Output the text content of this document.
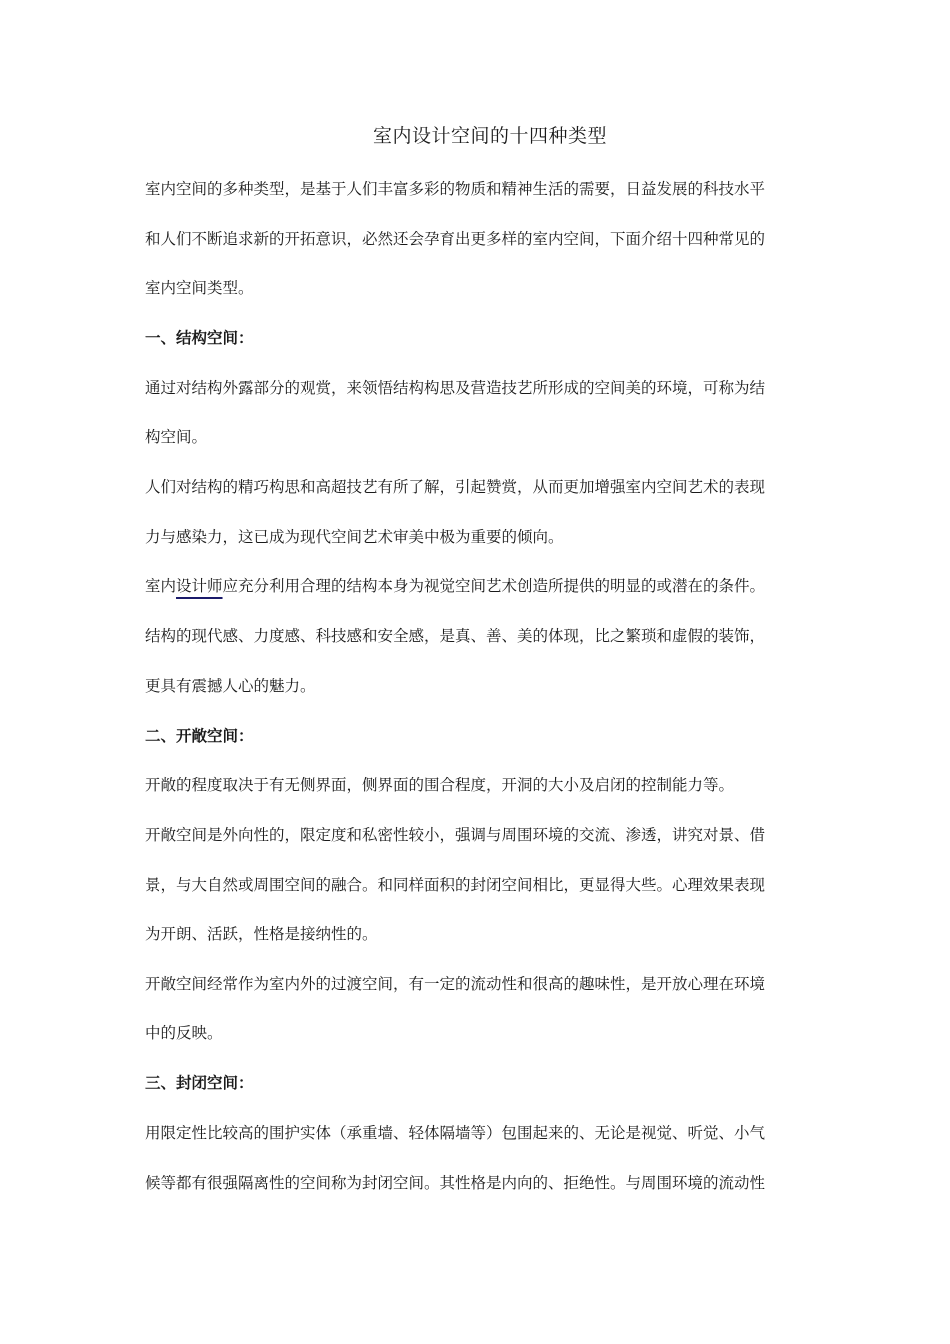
室内设计空间的十四种类型
室内空间的多种类型，是基于人们丰富多彩的物质和精神生活的需要，日益发展的科技水平
和人们不断追求新的开拓意识，必然还会孕育出更多样的室内空间，下面介绍十四种常见的
室内空间类型。
一、结构空间：
通过对结构外露部分的观赏，来领悟结构构思及营造技艺所形成的空间美的环境，可称为结
构空间。
人们对结构的精巧构思和高超技艺有所了解，引起赞赏，从而更加增强室内空间艺术的表现
力与感染力，这已成为现代空间艺术审美中极为重要的倾向。
室内设计师应充分利用合理的结构本身为视觉空间艺术创造所提供的明显的或潜在的条件。
结构的现代感、力度感、科技感和安全感，是真、善、美的体现，比之繁琐和虚假的装饰，
更具有震撼人心的魅力。
二、开敞空间：
开敞的程度取决于有无侧界面，侧界面的围合程度，开洞的大小及启闭的控制能力等。
开敞空间是外向性的，限定度和私密性较小，强调与周围环境的交流、渗透，讲究对景、借
景，与大自然或周围空间的融合。和同样面积的封闭空间相比，更显得大些。心理效果表现
为开朗、活跃，性格是接纳性的。
开敞空间经常作为室内外的过渡空间，有一定的流动性和很高的趣味性，是开放心理在环境
中的反映。
三、封闭空间：
用限定性比较高的围护实体（承重墙、轻体隔墙等）包围起来的、无论是视觉、听觉、小气
候等都有很强隔离性的空间称为封闭空间。其性格是内向的、拒绝性。与周围环境的流动性
